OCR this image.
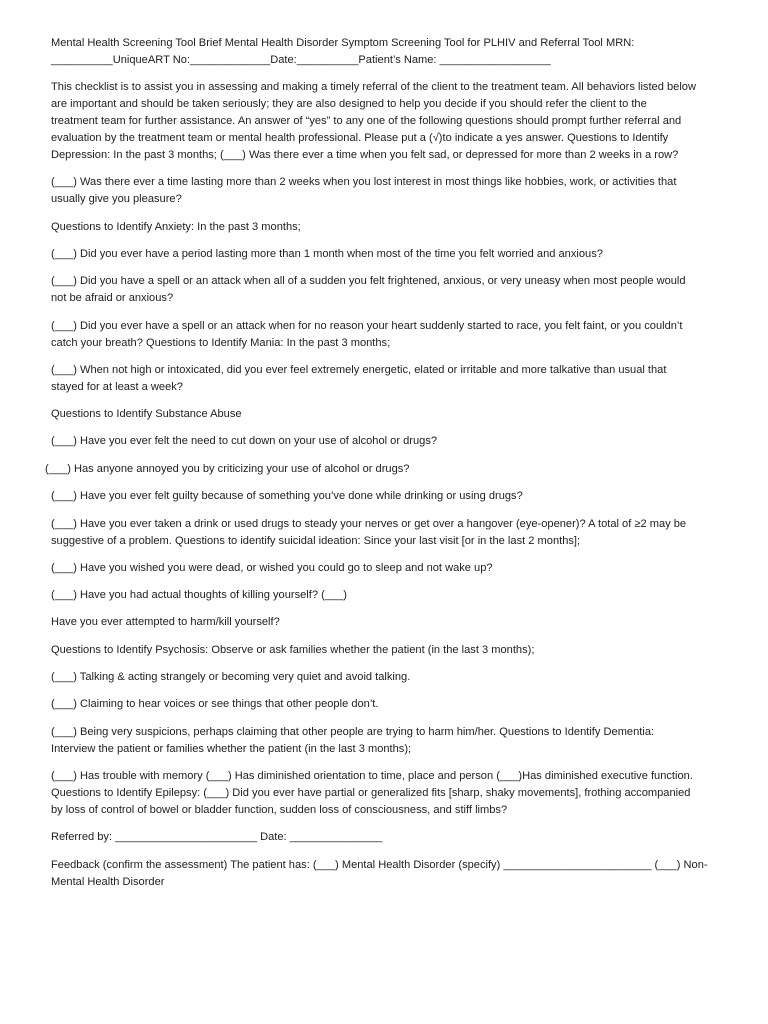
Mental Health Screening Tool Brief Mental Health Disorder Symptom Screening Tool for PLHIV and Referral Tool MRN:
__________UniqueART No:_____________Date:__________Patient’s Name: __________________

This checklist is to assist you in assessing and making a timely referral of the client to the treatment team. All behaviors listed below
are important and should be taken seriously; they are also designed to help you decide if you should refer the client to the
treatment team for further assistance. An answer of “yes” to any one of the following questions should prompt further referral and
evaluation by the treatment team or mental health professional. Please put a (√)to indicate a yes answer. Questions to Identify
Depression: In the past 3 months; (___) Was there ever a time when you felt sad, or depressed for more than 2 weeks in a row?

(___) Was there ever a time lasting more than 2 weeks when you lost interest in most things like hobbies, work, or activities that
usually give you pleasure?

Questions to Identify Anxiety: In the past 3 months;

(___) Did you ever have a period lasting more than 1 month when most of the time you felt worried and anxious?

(___) Did you have a spell or an attack when all of a sudden you felt frightened, anxious, or very uneasy when most people would
not be afraid or anxious?

(___) Did you ever have a spell or an attack when for no reason your heart suddenly started to race, you felt faint, or you couldn’t
catch your breath? Questions to Identify Mania: In the past 3 months;

(___) When not high or intoxicated, did you ever feel extremely energetic, elated or irritable and more talkative than usual that
stayed for at least a week?

Questions to Identify Substance Abuse

(___) Have you ever felt the need to cut down on your use of alcohol or drugs?

(___) Has anyone annoyed you by criticizing your use of alcohol or drugs?

(___) Have you ever felt guilty because of something you’ve done while drinking or using drugs?

(___) Have you ever taken a drink or used drugs to steady your nerves or get over a hangover (eye-opener)? A total of ≥2 may be
suggestive of a problem. Questions to identify suicidal ideation: Since your last visit [or in the last 2 months];

(___) Have you wished you were dead, or wished you could go to sleep and not wake up?

(___) Have you had actual thoughts of killing yourself? (___)

Have you ever attempted to harm/kill yourself?

Questions to Identify Psychosis: Observe or ask families whether the patient (in the last 3 months);

(___) Talking & acting strangely or becoming very quiet and avoid talking.

(___) Claiming to hear voices or see things that other people don’t.

(___) Being very suspicions, perhaps claiming that other people are trying to harm him/her. Questions to Identify Dementia:
Interview the patient or families whether the patient (in the last 3 months);

(___) Has trouble with memory (___) Has diminished orientation to time, place and person (___)Has diminished executive function.
Questions to Identify Epilepsy: (___) Did you ever have partial or generalized fits [sharp, shaky movements], frothing accompanied
by loss of control of bowel or bladder function, sudden loss of consciousness, and stiff limbs?

Referred by: _______________________ Date: _______________

Feedback (confirm the assessment) The patient has: (___) Mental Health Disorder (specify) ________________________ (___) Non-
Mental Health Disorder
